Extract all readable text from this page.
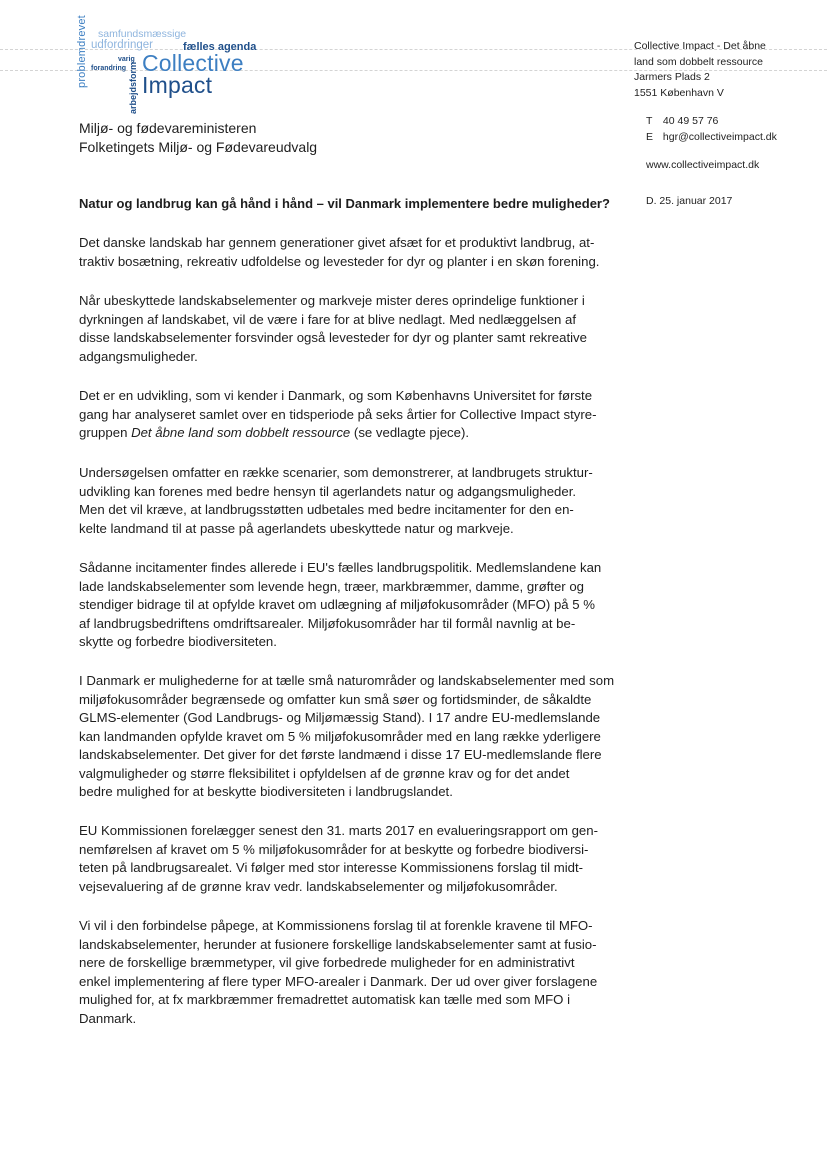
problemdrevet samfundsmæssige
udfordringer	fælles agenda
varig
forandring arbejdsform Collective
Impact
Collective Impact - Det åbne
land som dobbelt ressource
Jarmers Plads 2
1551 København V
T 40 49 57 76
E hgr@collectiveimpact.dk
www.collectiveimpact.dk
D. 25. januar 2017
Miljø- og fødevareministeren
Folketingets Miljø- og Fødevareudvalg
Natur og landbrug kan gå hånd i hånd – vil Danmark implementere bedre muligheder?
Det danske landskab har gennem generationer givet afsæt for et produktivt landbrug, at-
traktiv bosætning, rekreativ udfoldelse og levesteder for dyr og planter i en skøn forening.
Når ubeskyttede landskabselementer og markveje mister deres oprindelige funktioner i
dyrkningen af landskabet, vil de være i fare for at blive nedlagt. Med nedlæggelsen af
disse landskabselementer forsvinder også levesteder for dyr og planter samt rekreative
adgangsmuligheder.
Det er en udvikling, som vi kender i Danmark, og som Københavns Universitet for første
gang har analyseret samlet over en tidsperiode på seks årtier for Collective Impact styre-
gruppen Det åbne land som dobbelt ressource (se vedlagte pjece).
Undersøgelsen omfatter en række scenarier, som demonstrerer, at landbrugets struktur-
udvikling kan forenes med bedre hensyn til agerlandets natur og adgangsmuligheder.
Men det vil kræve, at landbrugsstøtten udbetales med bedre incitamenter for den en-
kelte landmand til at passe på agerlandets ubeskyttede natur og markveje.
Sådanne incitamenter findes allerede i EU's fælles landbrugspolitik. Medlemslandene kan
lade landskabselementer som levende hegn, træer, markbræmmer, damme, grøfter og
stendiger bidrage til at opfylde kravet om udlægning af miljøfokusområder (MFO) på 5 %
af landbrugsbedriftens omdriftsarealer. Miljøfokusområder har til formål navnlig at be-
skytte og forbedre biodiversiteten.
I Danmark er mulighederne for at tælle små naturområder og landskabselementer med som
miljøfokusområder begrænsede og omfatter kun små søer og fortidsminder, de såkaldte
GLMS-elementer (God Landbrugs- og Miljømæssig Stand). I 17 andre EU-medlemslande
kan landmanden opfylde kravet om 5 % miljøfokusområder med en lang række yderligere
landskabselementer. Det giver for det første landmænd i disse 17 EU-medlemslande flere
valgmuligheder og større fleksibilitet i opfyldelsen af de grønne krav og for det andet
bedre mulighed for at beskytte biodiversiteten i landbrugslandet.
EU Kommissionen forelægger senest den 31. marts 2017 en evalueringsrapport om gen-
nemførelsen af kravet om 5 % miljøfokusområder for at beskytte og forbedre biodiversi-
teten på landbrugsarealet. Vi følger med stor interesse Kommissionens forslag til midt-
vejsevaluering af de grønne krav vedr. landskabselementer og miljøfokusområder.
Vi vil i den forbindelse påpege, at Kommissionens forslag til at forenkle kravene til MFO-
landskabselementer, herunder at fusionere forskellige landskabselementer samt at fusio-
nere de forskellige bræmmetyper, vil give forbedrede muligheder for en administrativt
enkel implementering af flere typer MFO-arealer i Danmark. Der ud over giver forslagene
mulighed for, at fx markbræmmer fremadrettet automatisk kan tælle med som MFO i
Danmark.
